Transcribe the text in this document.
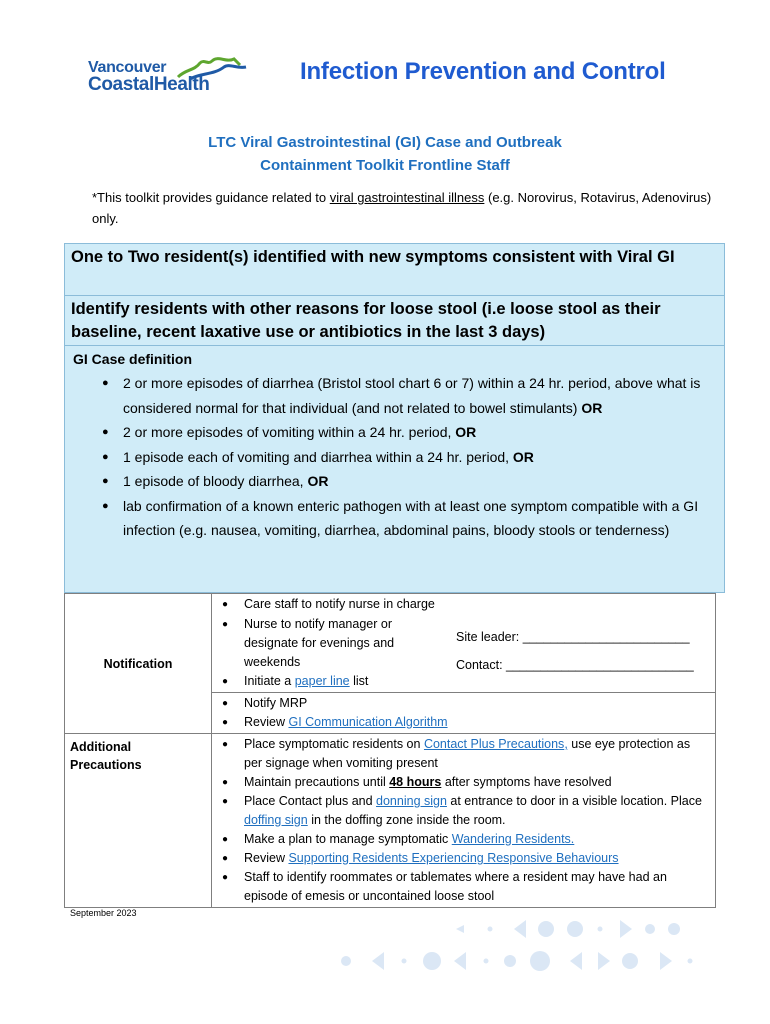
Vancouver
CoastalHealth	Infection Prevention and Control
LTC Viral Gastrointestinal (GI) Case and Outbreak
Containment Toolkit Frontline Staff
*This toolkit provides guidance related to viral gastrointestinal illness (e.g. Norovirus, Rotavirus, Adenovirus) only.
One to Two resident(s) identified with new symptoms consistent with Viral GI
Identify residents with other reasons for loose stool (i.e loose stool as their baseline, recent laxative use or antibiotics in the last 3 days)
GI Case definition
● 2 or more episodes of diarrhea (Bristol stool chart 6 or 7) within a 24 hr. period, above what is considered normal for that individual (and not related to bowel stimulants) OR
● 2 or more episodes of vomiting within a 24 hr. period, OR
● 1 episode each of vomiting and diarrhea within a 24 hr. period, OR
● 1 episode of bloody diarrhea, OR
● lab confirmation of a known enteric pathogen with at least one symptom compatible with a GI infection (e.g. nausea, vomiting, diarrhea, abdominal pains, bloody stools or tenderness)
Notification	
● Care staff to notify nurse in charge

● Nurse to notify manager or designate for evenings and weekends
● Initiate a paper line list

Site leader: ________________________
Contact: ___________________________

● Notify MRP
● Review GI Communication Algorithm

Additional Precautions	
● Place symptomatic residents on Contact Plus Precautions, use eye protection as per signage when vomiting present
● Maintain precautions until 48 hours after symptoms have resolved
● Place Contact plus and donning sign at entrance to door in a visible location. Place doffing sign in the doffing zone inside the room.
● Make a plan to manage symptomatic Wandering Residents.
● Review Supporting Residents Experiencing Responsive Behaviours
● Staff to identify roommates or tablemates where a resident may have had an episode of emesis or uncontained loose stool
September 2023
